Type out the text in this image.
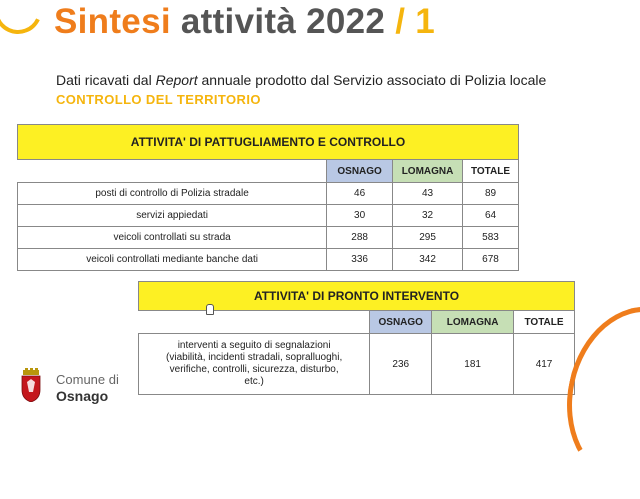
Sintesi attività 2022 / 1
Dati ricavati dal Report annuale prodotto dal Servizio associato di Polizia locale
CONTROLLO DEL TERRITORIO
ATTIVITA' DI PATTUGLIAMENTO E CONTROLLO			
	OSNAGO	LOMAGNA	TOTALE
posti di controllo di Polizia stradale	46	43	89
servizi appiedati	30	32	64
veicoli controllati su strada	288	295	583
veicoli controllati mediante banche dati	336	342	678
ATTIVITA' DI PRONTO INTERVENTO			
	OSNAGO	LOMAGNA	TOTALE

interventi a seguito di segnalazioni
(viabilità, incidenti stradali, sopralluoghi,
verifiche, controlli, sicurezza, disturbo,
etc.)	236	181	417
Comune di
Osnago
